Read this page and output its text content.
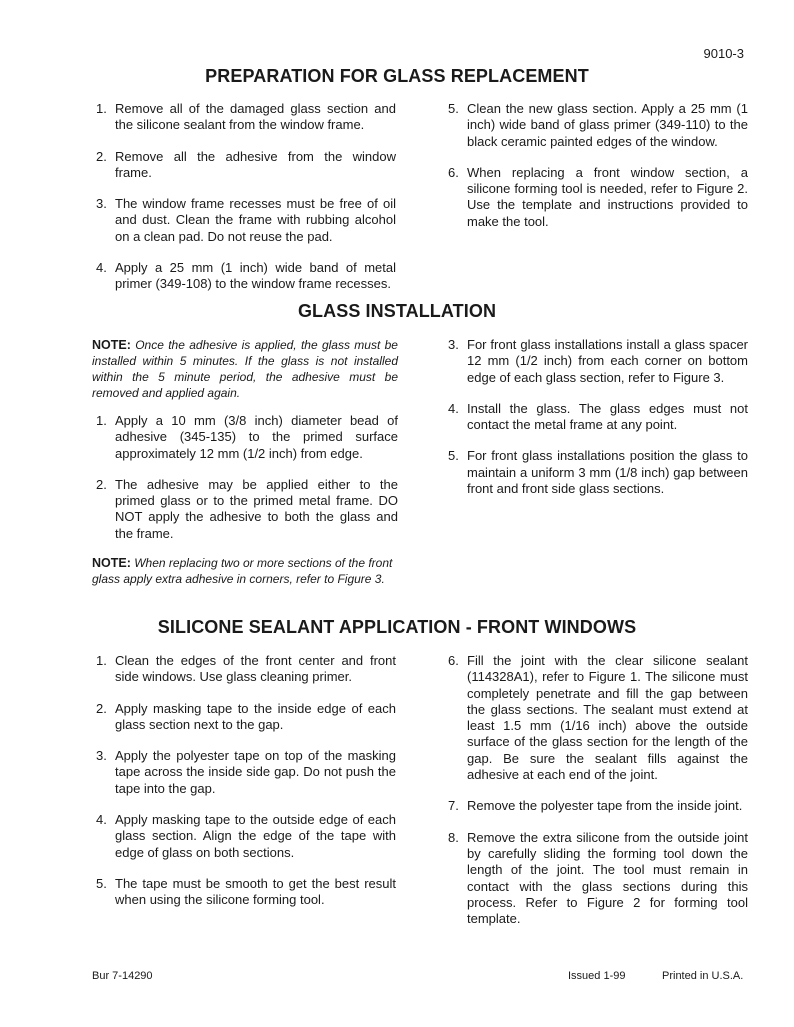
9010-3
PREPARATION FOR GLASS REPLACEMENT
1. Remove all of the damaged glass section and the silicone sealant from the window frame.
2. Remove all the adhesive from the window frame.
3. The window frame recesses must be free of oil and dust. Clean the frame with rubbing alcohol on a clean pad. Do not reuse the pad.
4. Apply a 25 mm (1 inch) wide band of metal primer (349-108) to the window frame recesses.
5. Clean the new glass section. Apply a 25 mm (1 inch) wide band of glass primer (349-110) to the black ceramic painted edges of the window.
6. When replacing a front window section, a silicone forming tool is needed, refer to Figure 2. Use the template and instructions provided to make the tool.
GLASS INSTALLATION

NOTE: Once the adhesive is applied, the glass must be installed within 5 minutes. If the glass is not installed within the 5 minute period, the adhesive must be removed and applied again.

1. Apply a 10 mm (3/8 inch) diameter bead of adhesive (345-135) to the primed surface approximately 12 mm (1/2 inch) from edge.
2. The adhesive may be applied either to the primed glass or to the primed metal frame. DO NOT apply the adhesive to both the glass and the frame.
NOTE: When replacing two or more sections of the front glass apply extra adhesive in corners, refer to Figure 3.
3. For front glass installations install a glass spacer 12 mm (1/2 inch) from each corner on bottom edge of each glass section, refer to Figure 3.
4. Install the glass. The glass edges must not contact the metal frame at any point.
5. For front glass installations position the glass to maintain a uniform 3 mm (1/8 inch) gap between front and front side glass sections.
SILICONE SEALANT APPLICATION - FRONT WINDOWS
1. Clean the edges of the front center and front side windows. Use glass cleaning primer.
2. Apply masking tape to the inside edge of each glass section next to the gap.
3. Apply the polyester tape on top of the masking tape across the inside side gap. Do not push the tape into the gap.
4. Apply masking tape to the outside edge of each glass section. Align the edge of the tape with edge of glass on both sections.
5. The tape must be smooth to get the best result when using the silicone forming tool.
6. Fill the joint with the clear silicone sealant (114328A1), refer to Figure 1. The silicone must completely penetrate and fill the gap between the glass sections. The sealant must extend at least 1.5 mm (1/16 inch) above the outside surface of the glass section for the length of the gap. Be sure the sealant fills against the adhesive at each end of the joint.
7. Remove the polyester tape from the inside joint.
8. Remove the extra silicone from the outside joint by carefully sliding the forming tool down the length of the joint. The tool must remain in contact with the glass sections during this process. Refer to Figure 2 for forming tool template.
Bur 7-14290	Issued 1-99	Printed in U.S.A.
